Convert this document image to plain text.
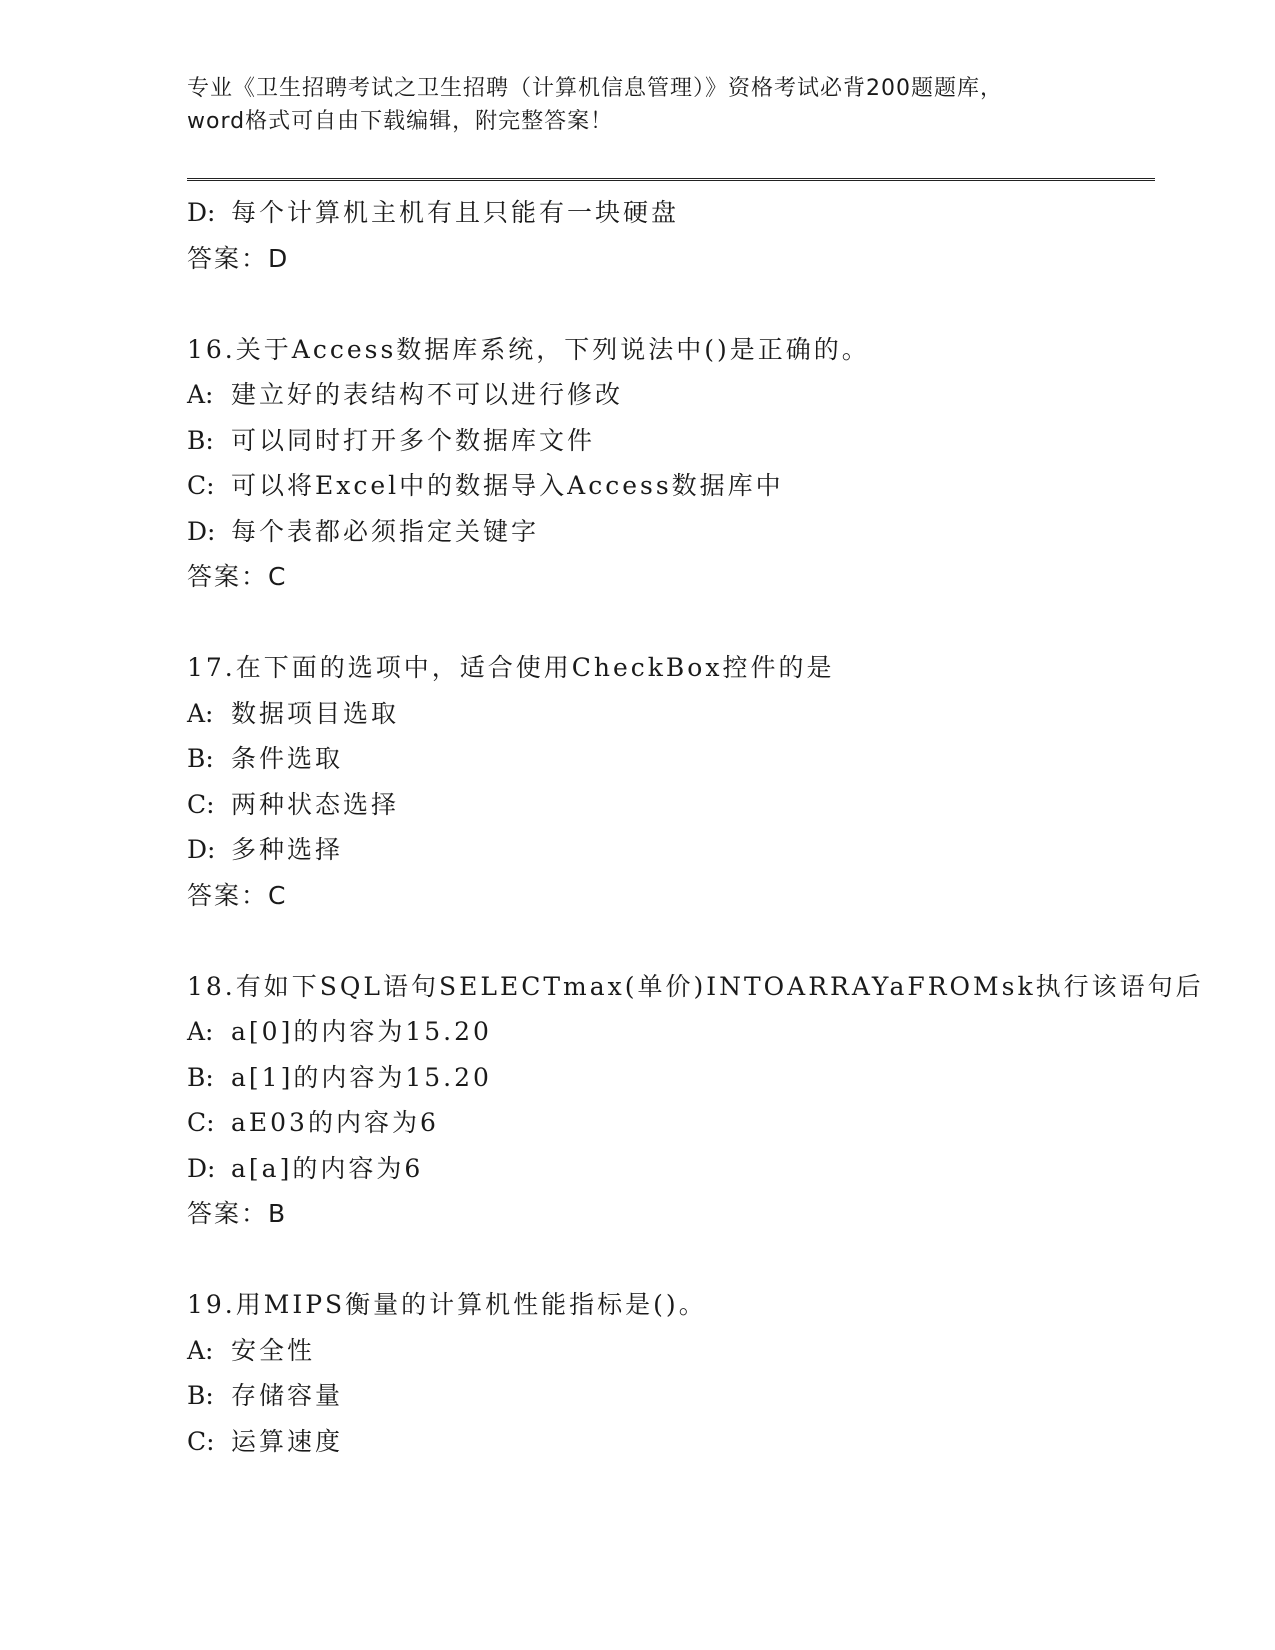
专业《卫生招聘考试之卫生招聘（计算机信息管理）》资格考试必背200题题库，
word格式可自由下载编辑，附完整答案！
D: 每个计算机主机有且只能有一块硬盘
答案：D
16.关于Access数据库系统，下列说法中()是正确的。
A: 建立好的表结构不可以进行修改
B: 可以同时打开多个数据库文件
C: 可以将Excel中的数据导入Access数据库中
D: 每个表都必须指定关键字
答案：C
17.在下面的选项中，适合使用CheckBox控件的是
A: 数据项目选取
B: 条件选取
C: 两种状态选择
D: 多种选择
答案：C
18.有如下SQL语句SELECTmax(单价)INTOARRAYaFROMsk执行该语句后
A: a[0]的内容为15.20
B: a[1]的内容为15.20
C: aE03的内容为6
D: a[a]的内容为6
答案：B
19.用MIPS衡量的计算机性能指标是()。
A: 安全性
B: 存储容量
C: 运算速度
